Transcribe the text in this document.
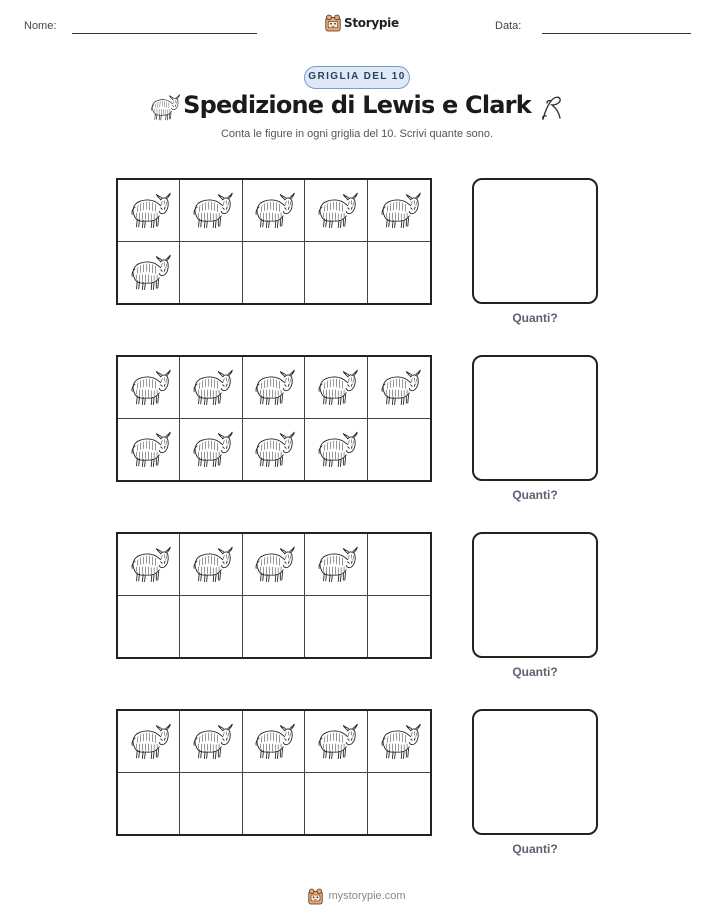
Nome:	Storypie	Data:
GRIGLIA DEL 10
Spedizione di Lewis e Clark

Conta le figure in ogni griglia del 10. Scrivi quante sono.

Quanti?
Quanti?
Quanti?
Quanti?
mystorypie.com
